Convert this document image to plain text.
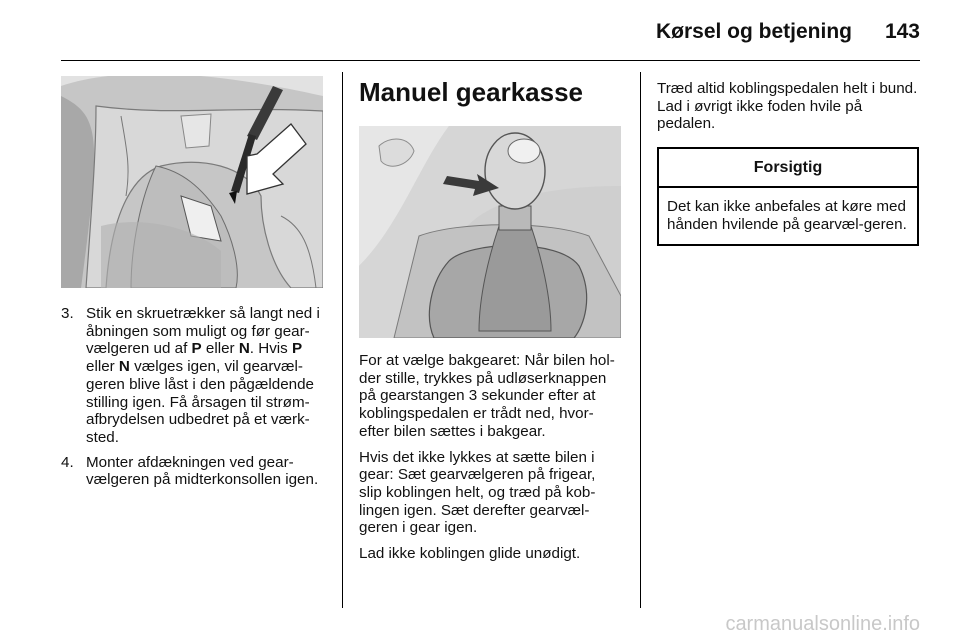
Kørsel og betjening 143
3. Stik en skruetrækker så langt ned i åbningen som muligt og før gear-vælgeren ud af P eller N. Hvis P eller N vælges igen, vil gearvæl-geren blive låst i den pågældende stilling igen. Få årsagen til strøm-afbrydelsen udbedret på et værk-sted.
4. Monter afdækningen ved gear-vælgeren på midterkonsollen igen.
Manuel gearkasse

For at vælge bakgearet: Når bilen hol-der stille, trykkes på udløserknappen på gearstangen 3 sekunder efter at koblingspedalen er trådt ned, hvor-efter bilen sættes i bakgear.

Hvis det ikke lykkes at sætte bilen i gear: Sæt gearvælgeren på frigear, slip koblingen helt, og træd på kob-lingen igen. Sæt derefter gearvæl-geren i gear igen.

Lad ikke koblingen glide unødigt.

Træd altid koblingspedalen helt i bund. Lad i øvrigt ikke foden hvile på pedalen.

Forsigtig
Det kan ikke anbefales at køre med hånden hvilende på gearvæl-geren.
carmanualsonline.info
